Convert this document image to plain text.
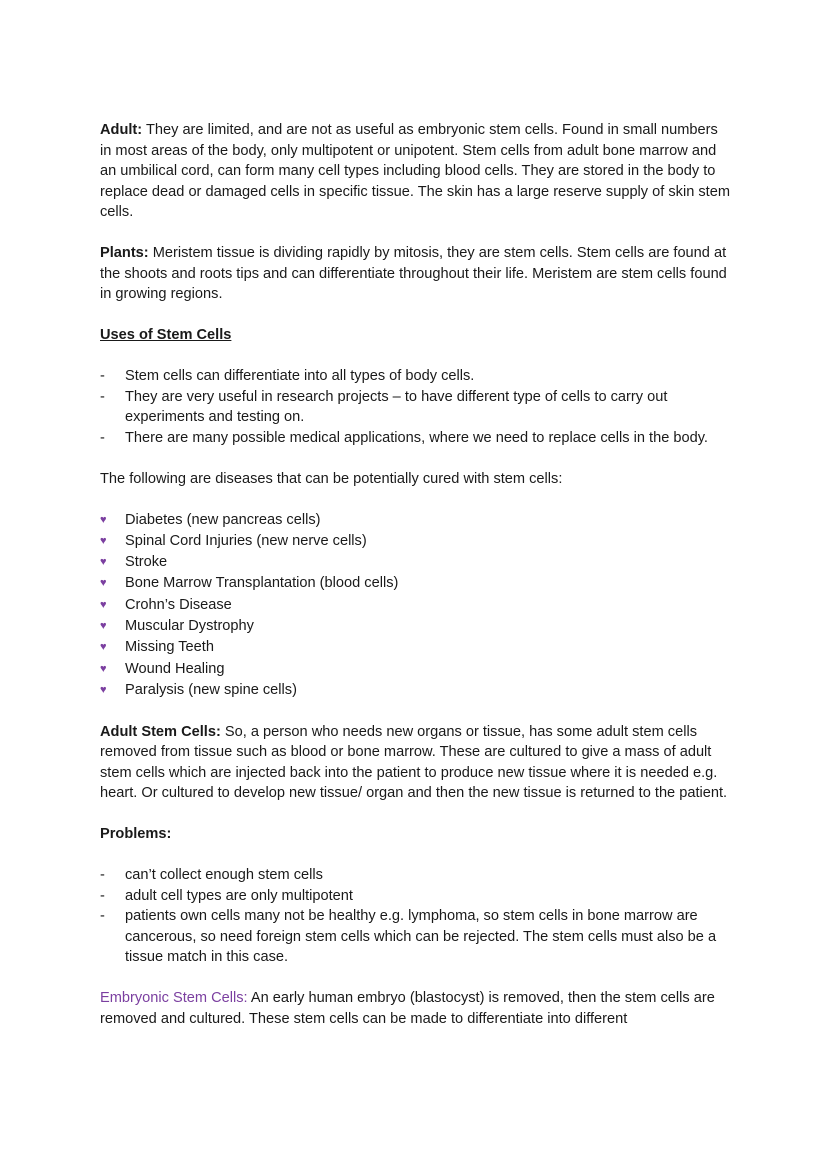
Adult: They are limited, and are not as useful as embryonic stem cells. Found in small numbers in most areas of the body, only multipotent or unipotent. Stem cells from adult bone marrow and an umbilical cord, can form many cell types including blood cells. They are stored in the body to replace dead or damaged cells in specific tissue. The skin has a large reserve supply of skin stem cells.

Plants: Meristem tissue is dividing rapidly by mitosis, they are stem cells. Stem cells are found at the shoots and roots tips and can differentiate throughout their life. Meristem are stem cells found in growing regions.

Uses of Stem Cells

- Stem cells can differentiate into all types of body cells.
- They are very useful in research projects – to have different type of cells to carry out experiments and testing on.
- There are many possible medical applications, where we need to replace cells in the body.

The following are diseases that can be potentially cured with stem cells:

♥ Diabetes (new pancreas cells)
♥ Spinal Cord Injuries (new nerve cells)
♥ Stroke
♥ Bone Marrow Transplantation (blood cells)
♥ Crohn’s Disease
♥ Muscular Dystrophy
♥ Missing Teeth
♥ Wound Healing
♥ Paralysis (new spine cells)

Adult Stem Cells: So, a person who needs new organs or tissue, has some adult stem cells removed from tissue such as blood or bone marrow. These are cultured to give a mass of adult stem cells which are injected back into the patient to produce new tissue where it is needed e.g. heart. Or cultured to develop new tissue/ organ and then the new tissue is returned to the patient.

Problems:

- can’t collect enough stem cells
- adult cell types are only multipotent
- patients own cells many not be healthy e.g. lymphoma, so stem cells in bone marrow are cancerous, so need foreign stem cells which can be rejected. The stem cells must also be a tissue match in this case.

Embryonic Stem Cells: An early human embryo (blastocyst) is removed, then the stem cells are removed and cultured. These stem cells can be made to differentiate into different
